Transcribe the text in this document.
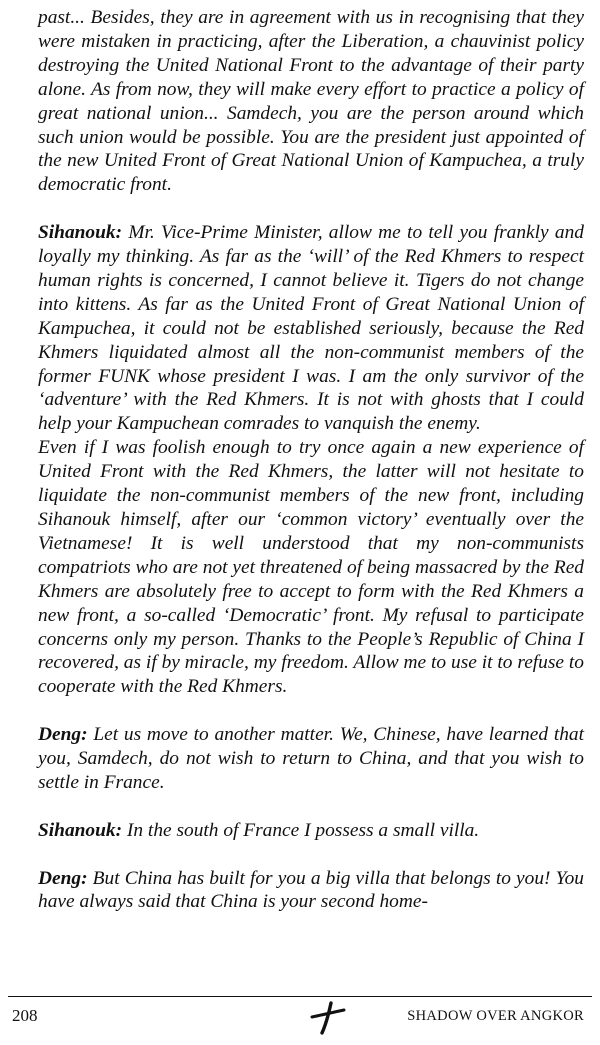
past... Besides, they are in agreement with us in recognising that they were mistaken in practicing, after the Liberation, a chauvinist policy destroying the United National Front to the advantage of their party alone. As from now, they will make every effort to practice a policy of great national union... Samdech, you are the person around which such union would be possible. You are the president just appointed of the new United Front of Great National Union of Kampuchea, a truly democratic front.

Sihanouk: Mr. Vice-Prime Minister, allow me to tell you frankly and loyally my thinking. As far as the ‘will’ of the Red Khmers to respect human rights is concerned, I cannot believe it. Tigers do not change into kittens. As far as the United Front of Great National Union of Kampuchea, it could not be established seriously, because the Red Khmers liquidated almost all the non-communist members of the former FUNK whose president I was. I am the only survivor of the ‘adventure’ with the Red Khmers. It is not with ghosts that I could help your Kampuchean comrades to vanquish the enemy.

Even if I was foolish enough to try once again a new experience of United Front with the Red Khmers, the latter will not hesitate to liquidate the non-communist members of the new front, including Sihanouk himself, after our ‘common victory’ eventually over the Vietnamese! It is well understood that my non-communists compatriots who are not yet threatened of being massacred by the Red Khmers are absolutely free to accept to form with the Red Khmers a new front, a so-called ‘Democratic’ front. My refusal to participate concerns only my person. Thanks to the People’s Republic of China I recovered, as if by miracle, my freedom. Allow me to use it to refuse to cooperate with the Red Khmers.

Deng: Let us move to another matter. We, Chinese, have learned that you, Samdech, do not wish to return to China, and that you wish to settle in France.

Sihanouk: In the south of France I possess a small villa.

Deng: But China has built for you a big villa that belongs to you! You have always said that China is your second home-

208	SHADOW OVER ANGKOR
